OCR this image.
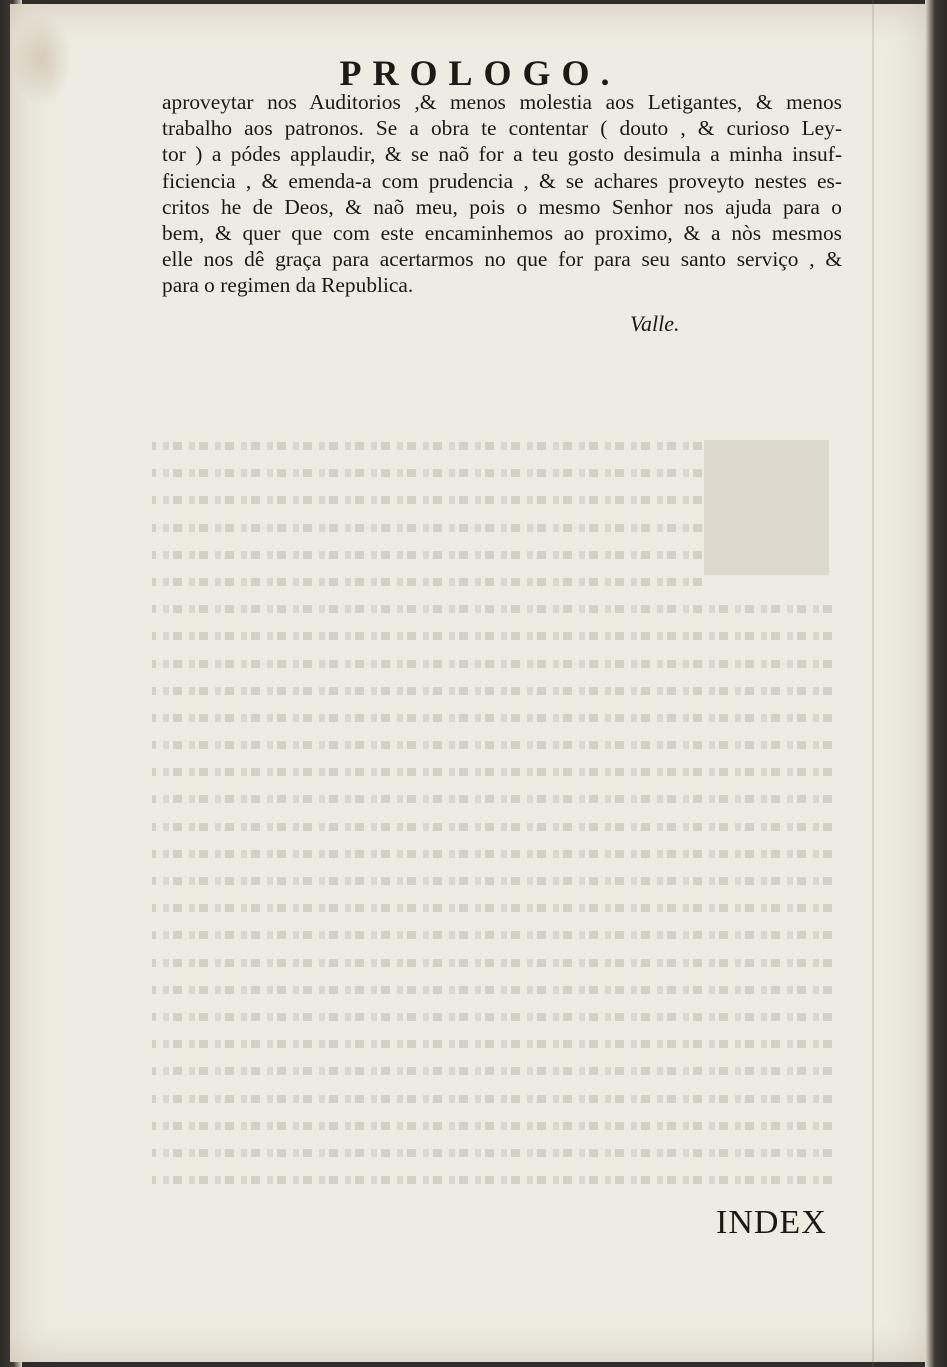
PROLOGO.
aproveytar nos Auditorios ,& menos molestia aos Letigantes, & menos
trabalho aos patronos. Se a obra te contentar ( douto , & curioso Ley-
tor ) a pódes applaudir, & se naõ for a teu gosto desimula a minha insuf-
ficiencia , & emenda-a com prudencia , & se achares proveyto nestes es-
critos he de Deos, & naõ meu, pois o mesmo Senhor nos ajuda para o
bem, & quer que com este encaminhemos ao proximo, & a nòs mesmos
elle nos dê graça para acertarmos no que for para seu santo serviço , &
para o regimen da Republica.
Valle.
INDEX
